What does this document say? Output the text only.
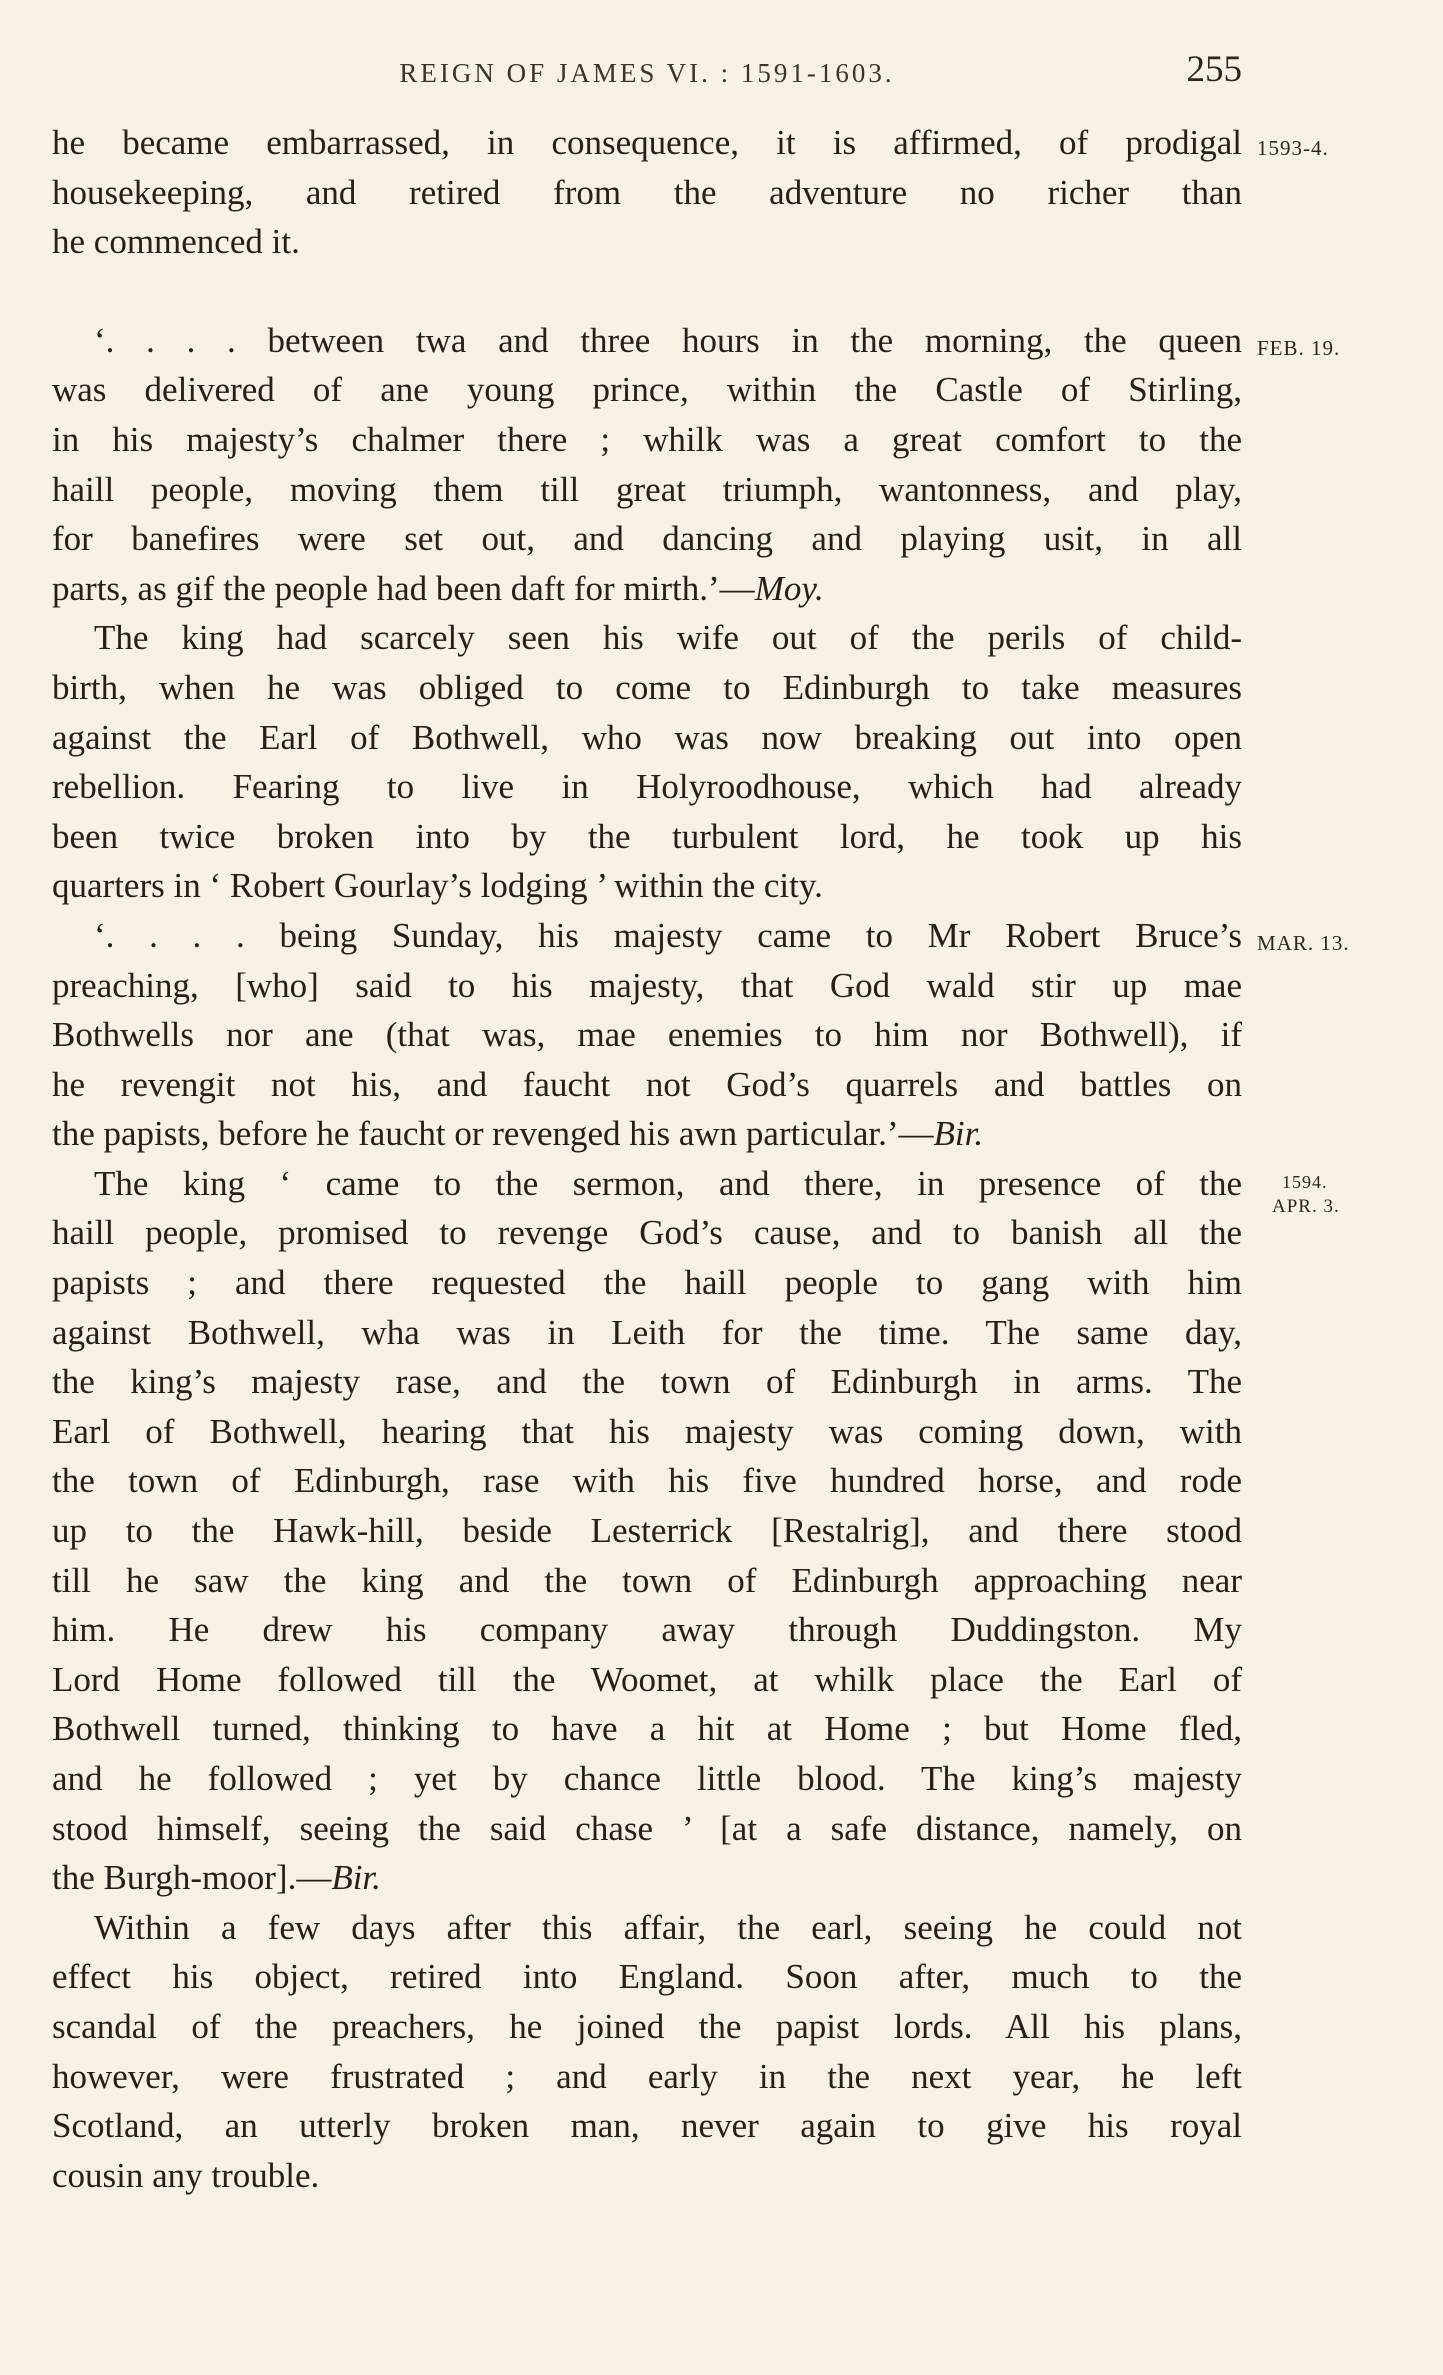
REIGN OF JAMES VI. : 1591-1603.	255
1593-4.
FEB. 19.
MAR. 13.
1594.
APR. 3.
he became embarrassed, in consequence, it is affirmed, of prodigal
housekeeping, and retired from the adventure no richer than
he commenced it.
‘. . . . between twa and three hours in the morning, the queen
was delivered of ane young prince, within the Castle of Stirling,
in his majesty’s chalmer there ; whilk was a great comfort to the
haill people, moving them till great triumph, wantonness, and play,
for banefires were set out, and dancing and playing usit, in all
parts, as gif the people had been daft for mirth.’—Moy.
The king had scarcely seen his wife out of the perils of child-
birth, when he was obliged to come to Edinburgh to take measures
against the Earl of Bothwell, who was now breaking out into open
rebellion. Fearing to live in Holyroodhouse, which had already
been twice broken into by the turbulent lord, he took up his
quarters in ‘ Robert Gourlay’s lodging ’ within the city.
‘. . . . being Sunday, his majesty came to Mr Robert Bruce’s
preaching, [who] said to his majesty, that God wald stir up mae
Bothwells nor ane (that was, mae enemies to him nor Bothwell), if
he revengit not his, and faucht not God’s quarrels and battles on
the papists, before he faucht or revenged his awn particular.’—Bir.
The king ‘ came to the sermon, and there, in presence of the
haill people, promised to revenge God’s cause, and to banish all the
papists ; and there requested the haill people to gang with him
against Bothwell, wha was in Leith for the time. The same day,
the king’s majesty rase, and the town of Edinburgh in arms. The
Earl of Bothwell, hearing that his majesty was coming down, with
the town of Edinburgh, rase with his five hundred horse, and rode
up to the Hawk-hill, beside Lesterrick [Restalrig], and there stood
till he saw the king and the town of Edinburgh approaching near
him. He drew his company away through Duddingston. My
Lord Home followed till the Woomet, at whilk place the Earl of
Bothwell turned, thinking to have a hit at Home ; but Home fled,
and he followed ; yet by chance little blood. The king’s majesty
stood himself, seeing the said chase ’ [at a safe distance, namely, on
the Burgh-moor].—Bir.
Within a few days after this affair, the earl, seeing he could not
effect his object, retired into England. Soon after, much to the
scandal of the preachers, he joined the papist lords. All his plans,
however, were frustrated ; and early in the next year, he left
Scotland, an utterly broken man, never again to give his royal
cousin any trouble.
